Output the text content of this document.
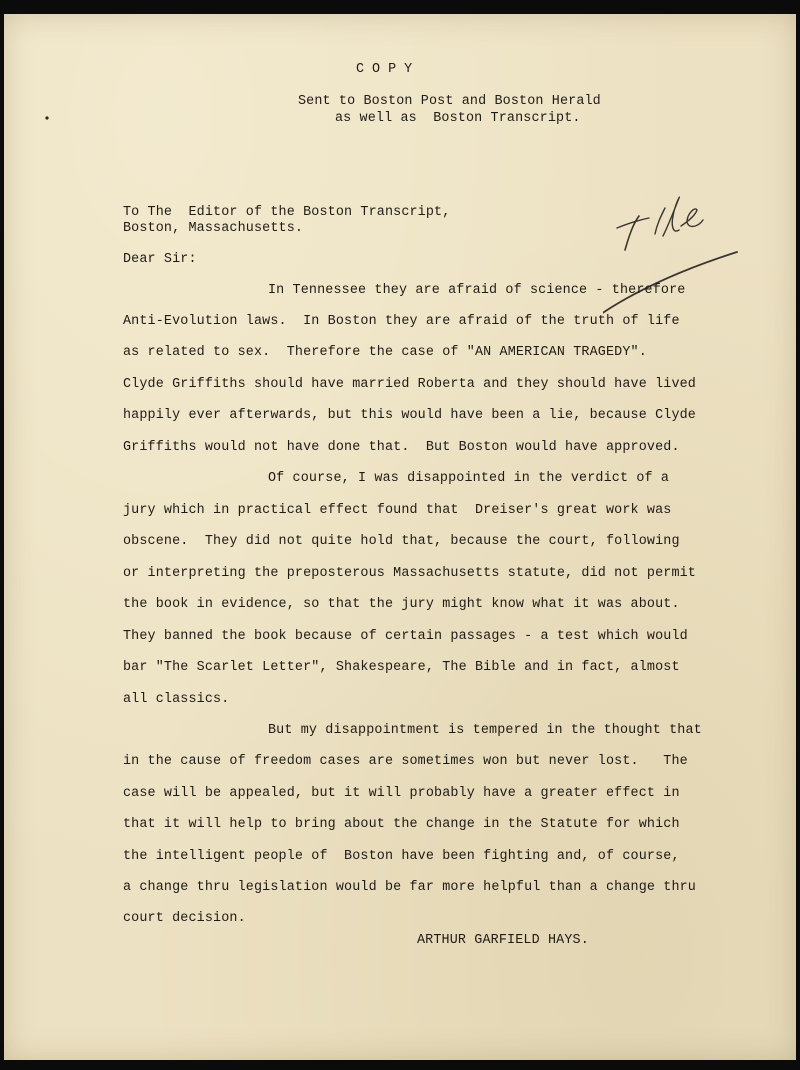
COPY
Sent to Boston Post and Boston Herald
as well as  Boston Transcript.
To The  Editor of the Boston Transcript,
Boston, Massachusetts.
Dear Sir:
In Tennessee they are afraid of science - therefore
Anti-Evolution laws.  In Boston they are afraid of the truth of life
as related to sex.  Therefore the case of "AN AMERICAN TRAGEDY".
Clyde Griffiths should have married Roberta and they should have lived
happily ever afterwards, but this would have been a lie, because Clyde
Griffiths would not have done that.  But Boston would have approved.
Of course, I was disappointed in the verdict of a
jury which in practical effect found that  Dreiser's great work was
obscene.  They did not quite hold that, because the court, following
or interpreting the preposterous Massachusetts statute, did not permit
the book in evidence, so that the jury might know what it was about.
They banned the book because of certain passages - a test which would
bar "The Scarlet Letter", Shakespeare, The Bible and in fact, almost
all classics.
But my disappointment is tempered in the thought that
in the cause of freedom cases are sometimes won but never lost.   The
case will be appealed, but it will probably have a greater effect in
that it will help to bring about the change in the Statute for which
the intelligent people of  Boston have been fighting and, of course,
a change thru legislation would be far more helpful than a change thru
court decision.
ARTHUR GARFIELD HAYS.
